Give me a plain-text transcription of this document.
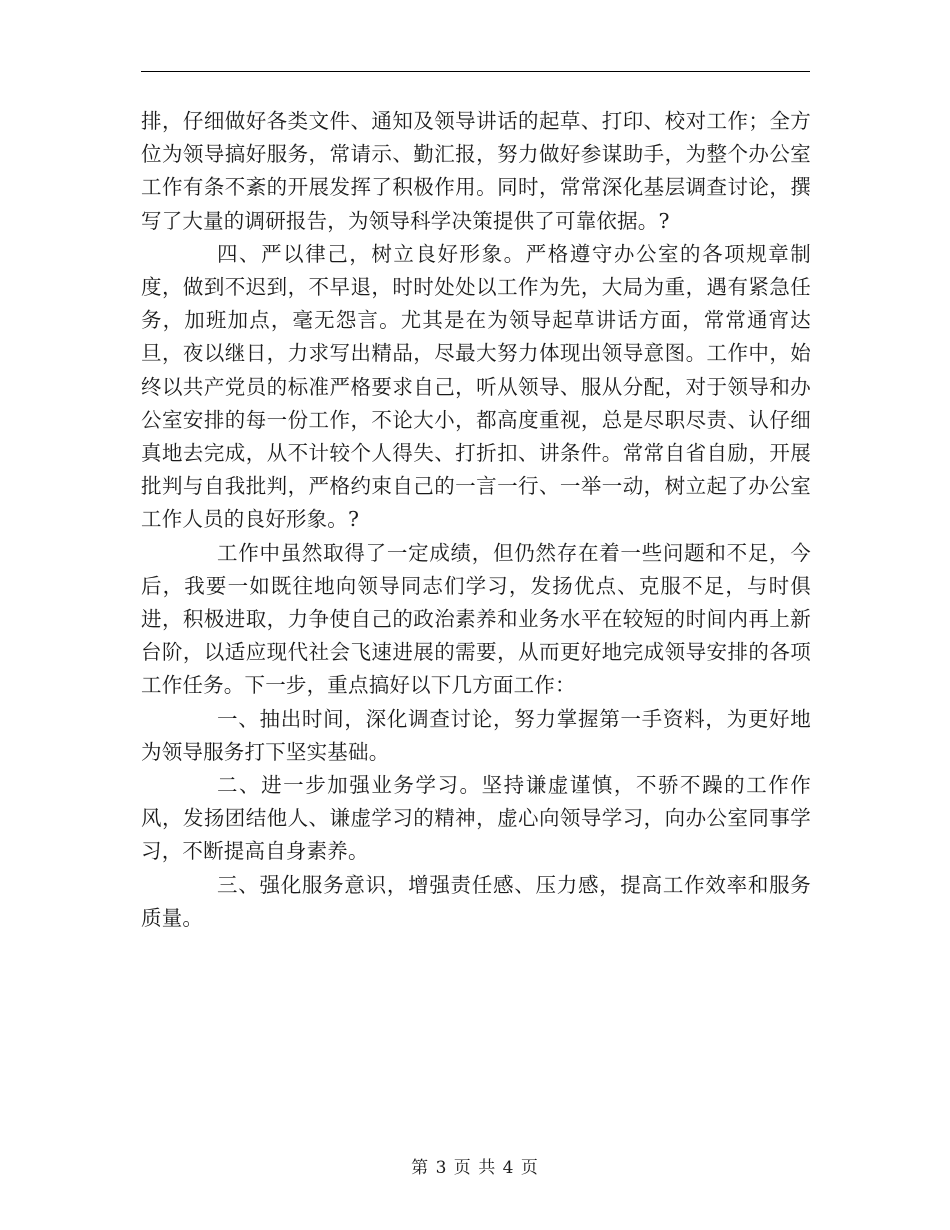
排，仔细做好各类文件、通知及领导讲话的起草、打印、校对工作；全方位为领导搞好服务，常请示、勤汇报，努力做好参谋助手，为整个办公室工作有条不紊的开展发挥了积极作用。同时，常常深化基层调查讨论，撰写了大量的调研报告，为领导科学决策提供了可靠依据。?

四、严以律己，树立良好形象。严格遵守办公室的各项规章制度，做到不迟到，不早退，时时处处以工作为先，大局为重，遇有紧急任务，加班加点，毫无怨言。尤其是在为领导起草讲话方面，常常通宵达旦，夜以继日，力求写出精品，尽最大努力体现出领导意图。工作中，始终以共产党员的标准严格要求自己，听从领导、服从分配，对于领导和办公室安排的每一份工作，不论大小，都高度重视，总是尽职尽责、认仔细真地去完成，从不计较个人得失、打折扣、讲条件。常常自省自励，开展批判与自我批判，严格约束自己的一言一行、一举一动，树立起了办公室工作人员的良好形象。?

工作中虽然取得了一定成绩，但仍然存在着一些问题和不足，今后，我要一如既往地向领导同志们学习，发扬优点、克服不足，与时俱进，积极进取，力争使自己的政治素养和业务水平在较短的时间内再上新台阶，以适应现代社会飞速进展的需要，从而更好地完成领导安排的各项工作任务。下一步，重点搞好以下几方面工作：

一、抽出时间，深化调查讨论，努力掌握第一手资料，为更好地为领导服务打下坚实基础。

二、进一步加强业务学习。坚持谦虚谨慎，不骄不躁的工作作风，发扬团结他人、谦虚学习的精神，虚心向领导学习，向办公室同事学习，不断提高自身素养。

三、强化服务意识，增强责任感、压力感，提高工作效率和服务质量。

第 3 页 共 4 页
